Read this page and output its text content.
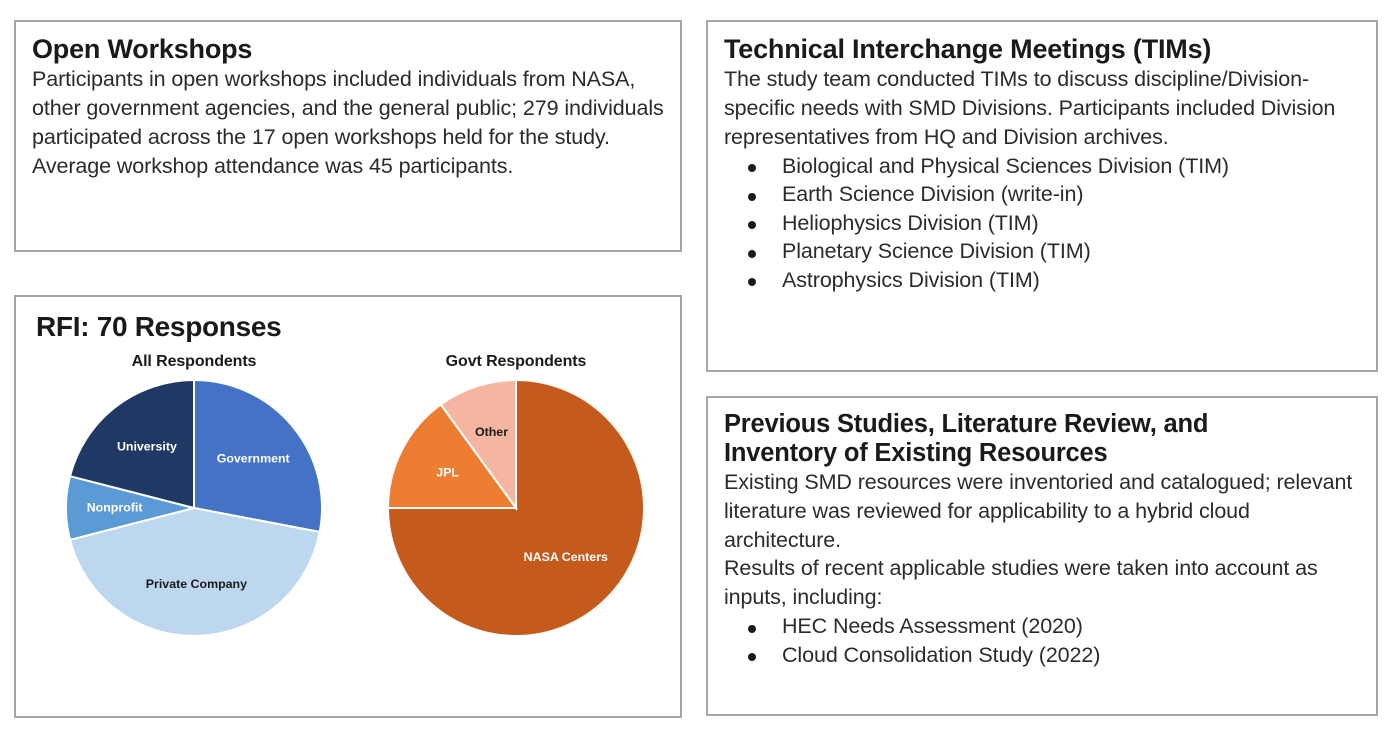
Open Workshops

Participants in open workshops included individuals from NASA, other government agencies, and the general public; 279 individuals participated across the 17 open workshops held for the study. Average workshop attendance was 45 participants.

RFI: 70 Responses
All Respondents
Government
Private Company
Nonprofit
University
Govt Respondents
NASA Centers
JPL
Other
Technical Interchange Meetings (TIMs)

The study team conducted TIMs to discuss discipline/Division-specific needs with SMD Divisions. Participants included Division representatives from HQ and Division archives.

Biological and Physical Sciences Division (TIM)
Earth Science Division (write-in)
Heliophysics Division (TIM)
Planetary Science Division (TIM)
Astrophysics Division (TIM)
Previous Studies, Literature Review, and
Inventory of Existing Resources

Existing SMD resources were inventoried and catalogued; relevant literature was reviewed for applicability to a hybrid cloud architecture.

Results of recent applicable studies were taken into account as inputs, including:

HEC Needs Assessment (2020)
Cloud Consolidation Study (2022)
